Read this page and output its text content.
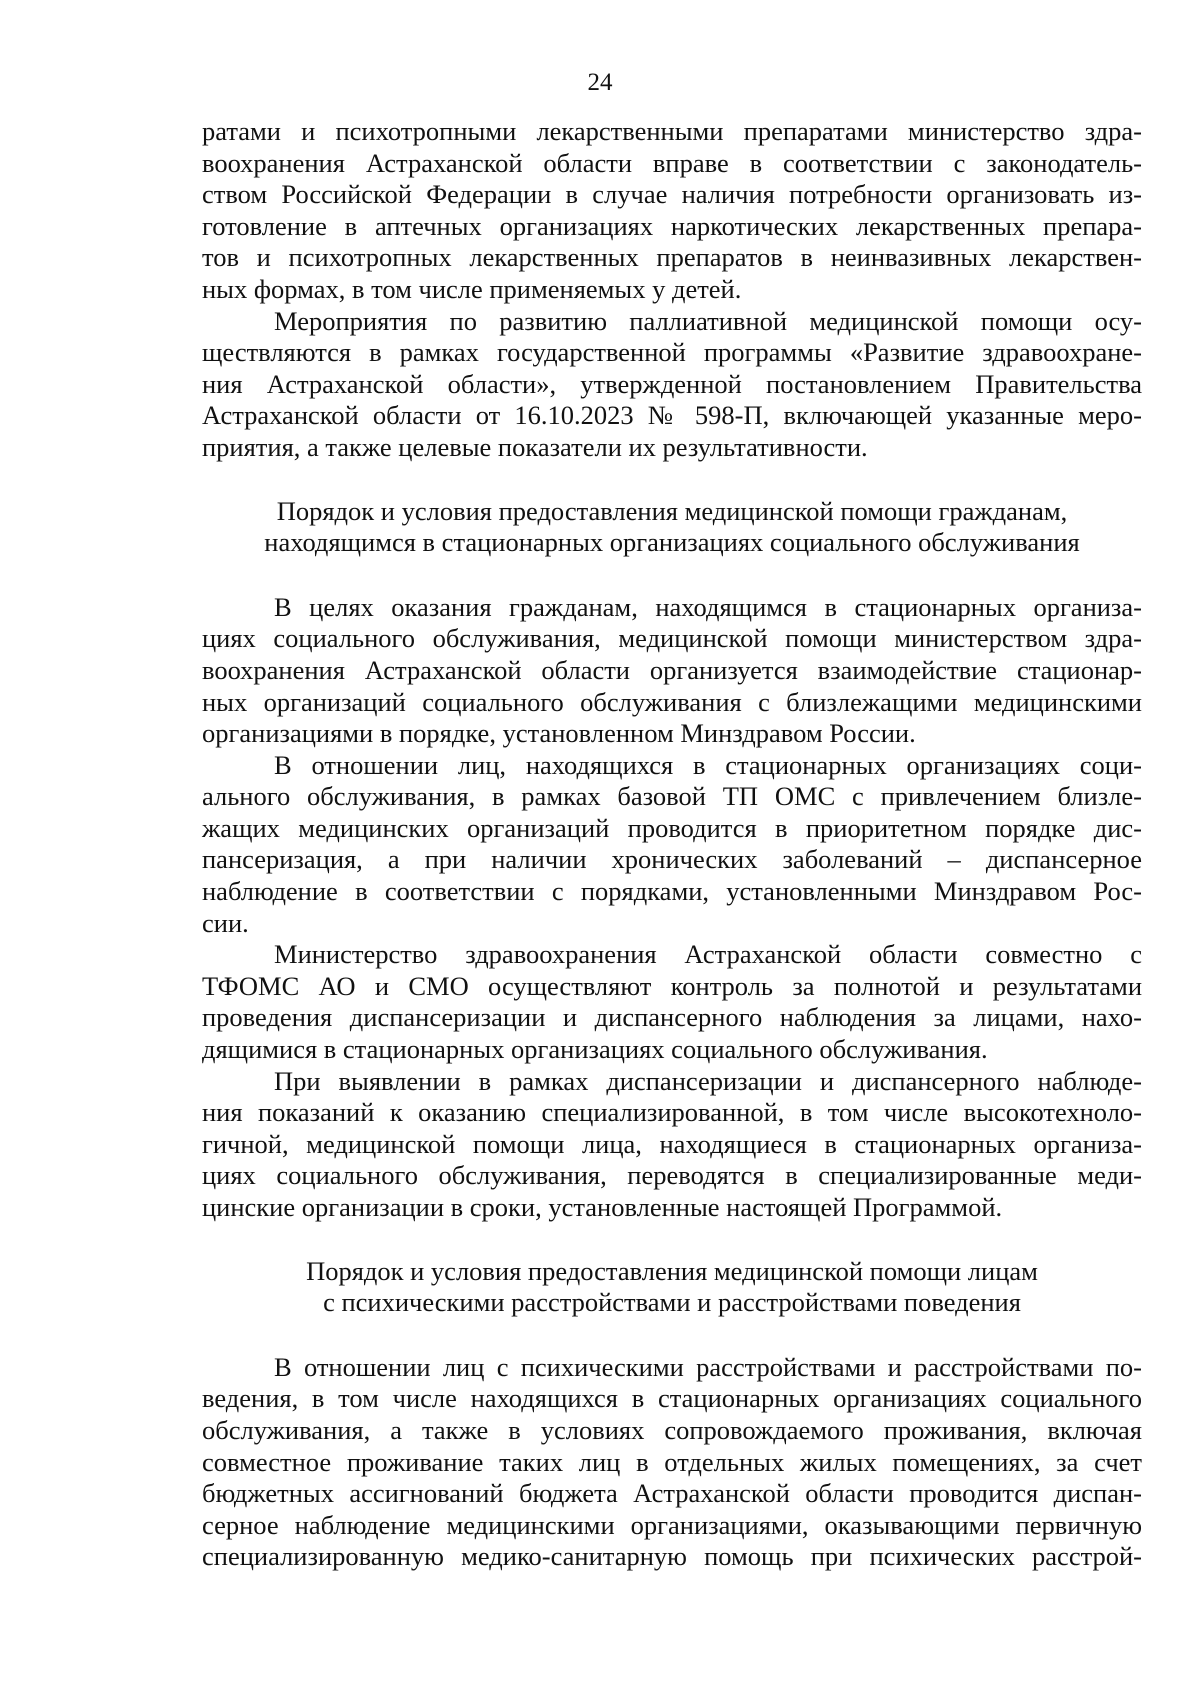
24
ратами и психотропными лекарственными препаратами министерство здра-
воохранения Астраханской области вправе в соответствии с законодатель-
ством Российской Федерации в случае наличия потребности организовать из-
готовление в аптечных организациях наркотических лекарственных препара-
тов и психотропных лекарственных препаратов в неинвазивных лекарствен-
ных формах, в том числе применяемых у детей.
Мероприятия по развитию паллиативной медицинской помощи осу-
ществляются в рамках государственной программы «Развитие здравоохране-
ния Астраханской области», утвержденной постановлением Правительства
Астраханской области от 16.10.2023 № 598-П, включающей указанные меро-
приятия, а также целевые показатели их результативности.
Порядок и условия предоставления медицинской помощи гражданам,
находящимся в стационарных организациях социального обслуживания
В целях оказания гражданам, находящимся в стационарных организа-
циях социального обслуживания, медицинской помощи министерством здра-
воохранения Астраханской области организуется взаимодействие стационар-
ных организаций социального обслуживания с близлежащими медицинскими
организациями в порядке, установленном Минздравом России.
В отношении лиц, находящихся в стационарных организациях соци-
ального обслуживания, в рамках базовой ТП ОМС с привлечением близле-
жащих медицинских организаций проводится в приоритетном порядке дис-
пансеризация, а при наличии хронических заболеваний – диспансерное
наблюдение в соответствии с порядками, установленными Минздравом Рос-
сии.
Министерство здравоохранения Астраханской области совместно с
ТФОМС АО и СМО осуществляют контроль за полнотой и результатами
проведения диспансеризации и диспансерного наблюдения за лицами, нахо-
дящимися в стационарных организациях социального обслуживания.
При выявлении в рамках диспансеризации и диспансерного наблюде-
ния показаний к оказанию специализированной, в том числе высокотехноло-
гичной, медицинской помощи лица, находящиеся в стационарных организа-
циях социального обслуживания, переводятся в специализированные меди-
цинские организации в сроки, установленные настоящей Программой.
Порядок и условия предоставления медицинской помощи лицам
с психическими расстройствами и расстройствами поведения
В отношении лиц с психическими расстройствами и расстройствами по-
ведения, в том числе находящихся в стационарных организациях социального
обслуживания, а также в условиях сопровождаемого проживания, включая
совместное проживание таких лиц в отдельных жилых помещениях, за счет
бюджетных ассигнований бюджета Астраханской области проводится диспан-
серное наблюдение медицинскими организациями, оказывающими первичную
специализированную медико-санитарную помощь при психических расстрой-
